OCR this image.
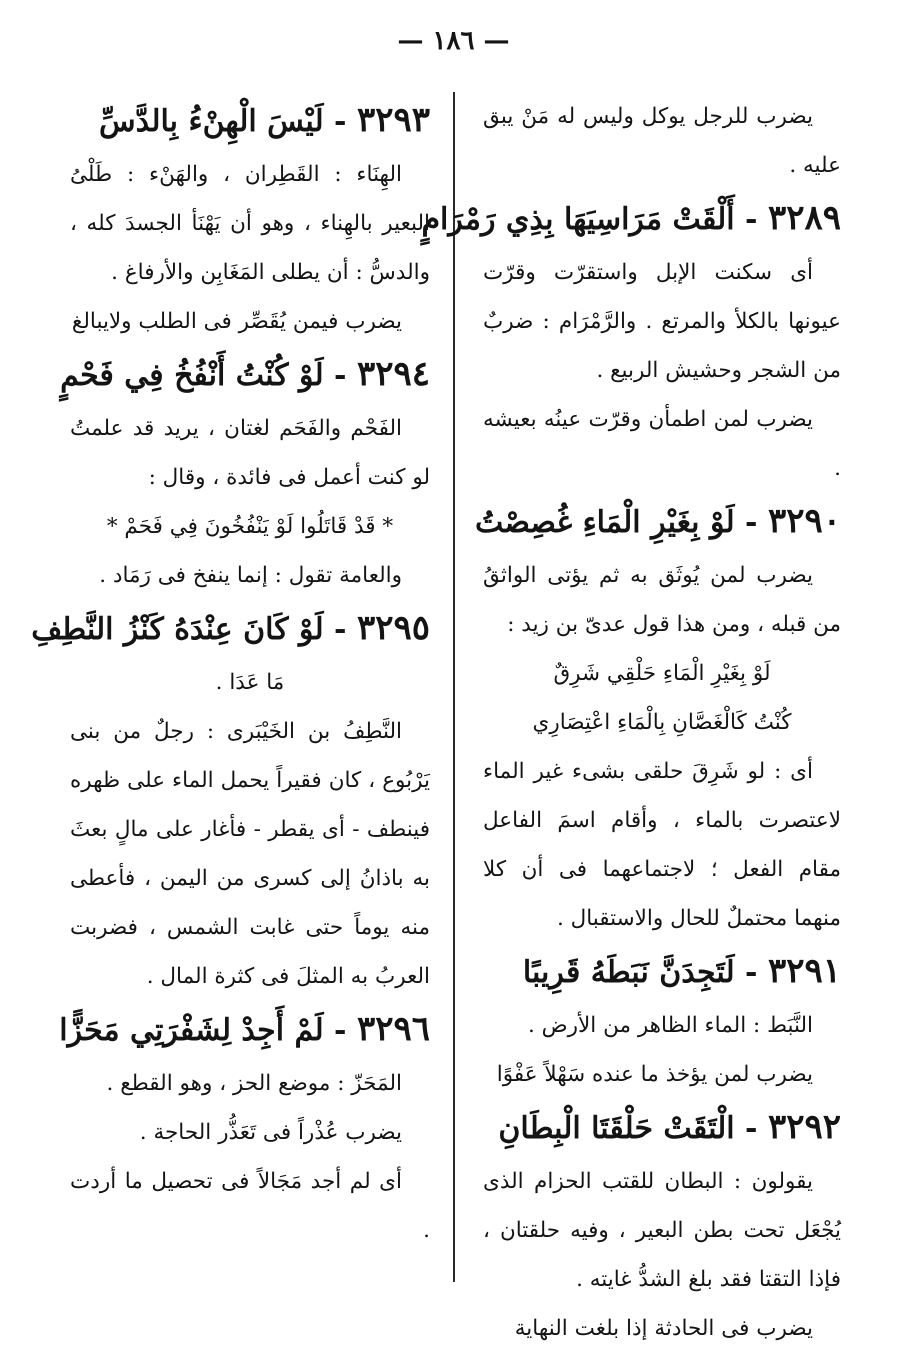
— ١٨٦ —
يضرب للرجل يوكل وليس له مَنْ يبق عليه .
٣٢٨٩ - أَلْقَتْ مَرَاسِيَهَا بِذِي رَمْرَامٍ
أى سكنت الإبل واستقرّت وقرّت عيونها بالكلأ والمرتع . والرَّمْرَام : ضربٌ من الشجر وحشيش الربيع .
يضرب لمن اطمأن وقرّت عينُه بعيشه .
٣٢٩٠ - لَوْ بِغَيْرِ الْمَاءِ غُصِصْتُ
يضرب لمن يُوثَق به ثم يؤتى الواثقُ من قبله ، ومن هذا قول عدىّ بن زيد :
لَوْ بِغَيْرِ الْمَاءِ حَلْقِي شَرِقٌ
كُنْتُ كَالْغَصَّانِ بِالْمَاءِ اعْتِصَارِي
أى : لو شَرِقَ حلقى بشىء غير الماء لاعتصرت بالماء ، وأقام اسمَ الفاعل مقام الفعل ؛ لاجتماعهما فى أن كلا منهما محتملٌ للحال والاستقبال .
٣٢٩١ - لَتَجِدَنَّ نَبَطَهُ قَرِيبًا
النَّبَط : الماء الظاهر من الأرض .
يضرب لمن يؤخذ ما عنده سَهْلاً عَفْوًا
٣٢٩٢ - الْتَقَتْ حَلْقَتَا الْبِطَانِ
يقولون : البطان للقتب الحزام الذى يُجْعَل تحت بطن البعير ، وفيه حلقتان ، فإذا التقتا فقد بلغ الشدُّ غايته .
يضرب فى الحادثة إذا بلغت النهاية
٣٢٩٣ - لَيْسَ الْهِنْءُ بِالدَّسِّ
الهِنَاء : القَطِران ، والهَنْء : طَلْىُ البعير بالهِناء ، وهو أن يَهْنَأ الجسدَ كله ، والدسُّ : أن يطلى المَغَابِن والأرفاغ .
يضرب فيمن يُقَصِّر فى الطلب ولايبالغ
٣٢٩٤ - لَوْ كُنْتُ أَنْفُخُ فِي فَحْمٍ
الفَحْم والفَحَم لغتان ، يريد قد علمتُ لو كنت أعمل فى فائدة ، وقال :
* قَدْ قَاتَلُوا لَوْ يَنْفُخُونَ فِي فَحَمْ *
والعامة تقول : إنما ينفخ فى رَمَاد .
٣٢٩٥ - لَوْ كَانَ عِنْدَهُ كَنْزُ النَّطِفِ
مَا عَدَا .
النَّطِفُ بن الخَيْبَرى : رجلٌ من بنى يَرْبُوع ، كان فقيراً يحمل الماء على ظهره فينطف - أى يقطر - فأغار على مالٍ بعثَ به باذانُ إلى كسرى من اليمن ، فأعطى منه يوماً حتى غابت الشمس ، فضربت العربُ به المثلَ فى كثرة المال .
٣٢٩٦ - لَمْ أَجِدْ لِشَفْرَتِي مَحَزًّا
المَحَزّ : موضع الحز ، وهو القطع .
يضرب عُذْراً فى تَعَذُّر الحاجة .
أى لم أجد مَجَالاً فى تحصيل ما أردت .
